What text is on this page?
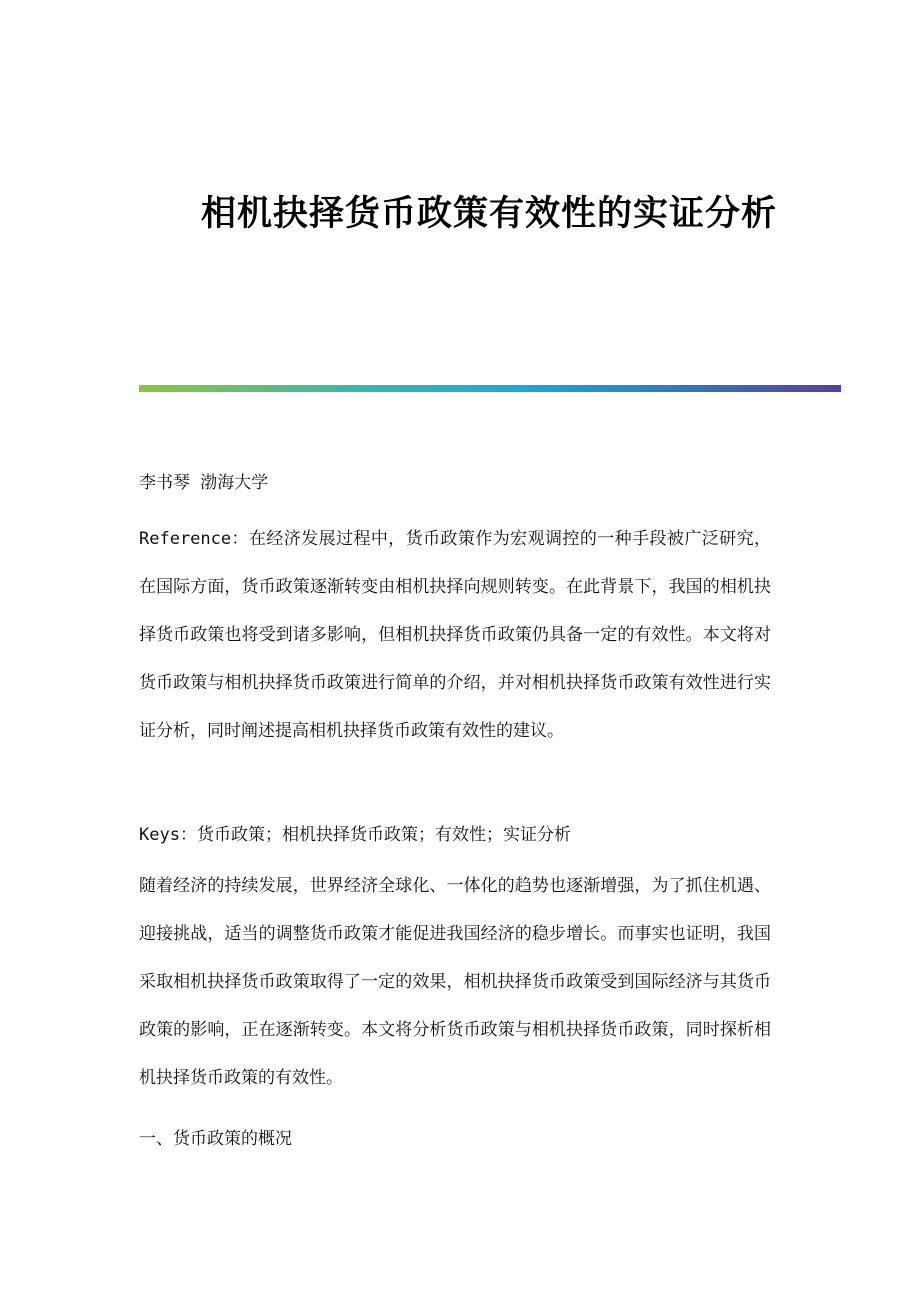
相机抉择货币政策有效性的实证分析

李书琴 渤海大学

Reference：在经济发展过程中，货币政策作为宏观调控的一种手段被广泛研究，在国际方面，货币政策逐渐转变由相机抉择向规则转变。在此背景下，我国的相机抉择货币政策也将受到诸多影响，但相机抉择货币政策仍具备一定的有效性。本文将对货币政策与相机抉择货币政策进行简单的介绍，并对相机抉择货币政策有效性进行实证分析，同时阐述提高相机抉择货币政策有效性的建议。

Keys：货币政策；相机抉择货币政策；有效性；实证分析

随着经济的持续发展，世界经济全球化、一体化的趋势也逐渐增强，为了抓住机遇、迎接挑战，适当的调整货币政策才能促进我国经济的稳步增长。而事实也证明，我国采取相机抉择货币政策取得了一定的效果，相机抉择货币政策受到国际经济与其货币政策的影响，正在逐渐转变。本文将分析货币政策与相机抉择货币政策，同时探析相机抉择货币政策的有效性。

一、货币政策的概况
